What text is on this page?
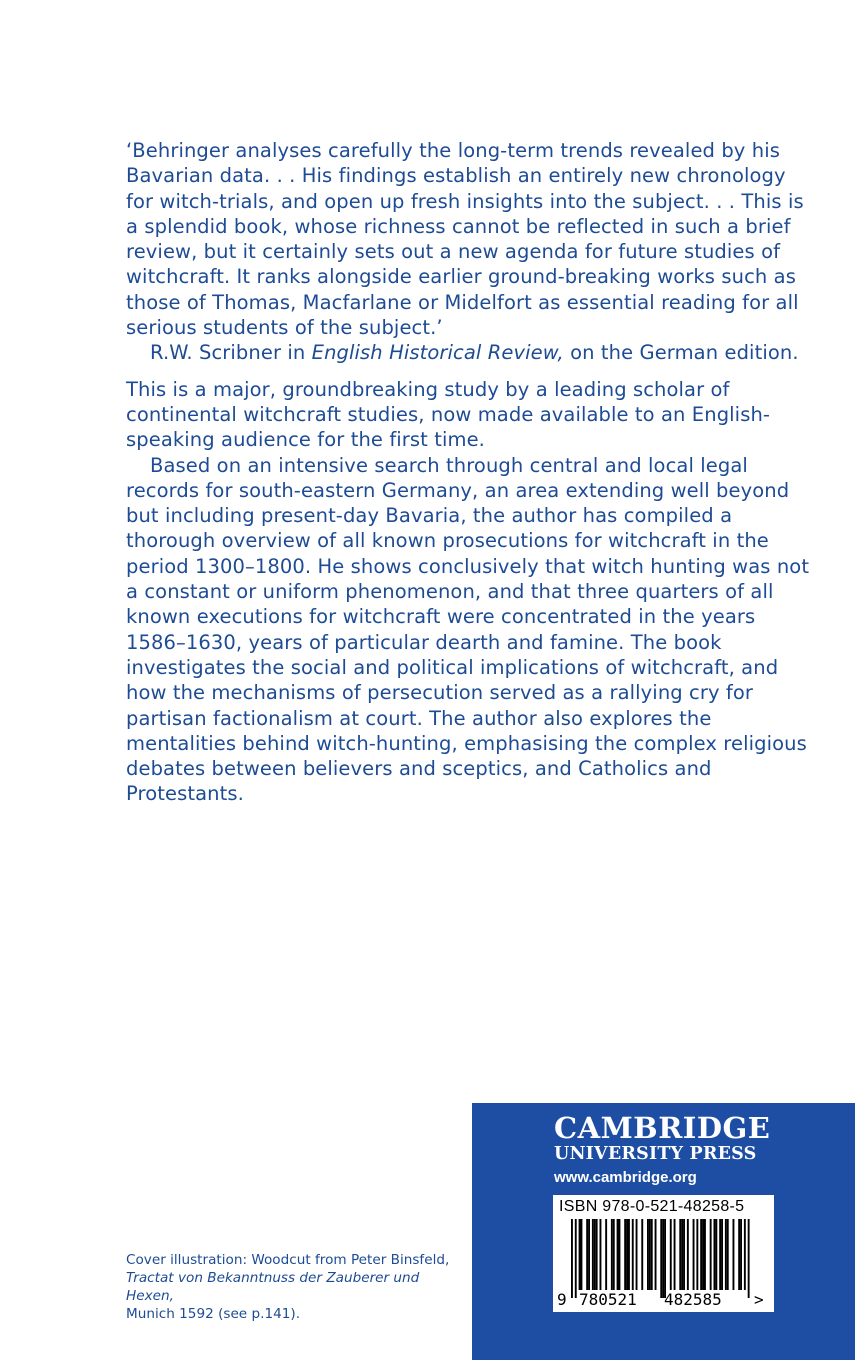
‘Behringer analyses carefully the long-term trends revealed by his Bavarian data. . . His findings establish an entirely new chronology for witch-trials, and open up fresh insights into the subject. . . This is a splendid book, whose richness cannot be reflected in such a brief review, but it certainly sets out a new agenda for future studies of witchcraft. It ranks alongside earlier ground-breaking works such as those of Thomas, Macfarlane or Midelfort as essential reading for all serious students of the subject.’

R.W. Scribner in English Historical Review, on the German edition.

This is a major, groundbreaking study by a leading scholar of continental witchcraft studies, now made available to an English-speaking audience for the first time.

Based on an intensive search through central and local legal records for south-eastern Germany, an area extending well beyond but including present-day Bavaria, the author has compiled a thorough overview of all known prosecutions for witchcraft in the period 1300–1800. He shows conclusively that witch hunting was not a constant or uniform phenomenon, and that three quarters of all known executions for witchcraft were concentrated in the years 1586–1630, years of particular dearth and famine. The book investigates the social and political implications of witchcraft, and how the mechanisms of persecution served as a rallying cry for partisan factionalism at court. The author also explores the mentalities behind witch-hunting, emphasising the complex religious debates between believers and sceptics, and Catholics and Protestants.

Cover illustration: Woodcut from Peter Binsfeld,
Tractat von Bekanntnuss der Zauberer und Hexen,
Munich 1592 (see p.141).
CAMBRIDGE
UNIVERSITY PRESS
www.cambridge.org
ISBN 978-0-521-48258-5
9 780521 482585 >
